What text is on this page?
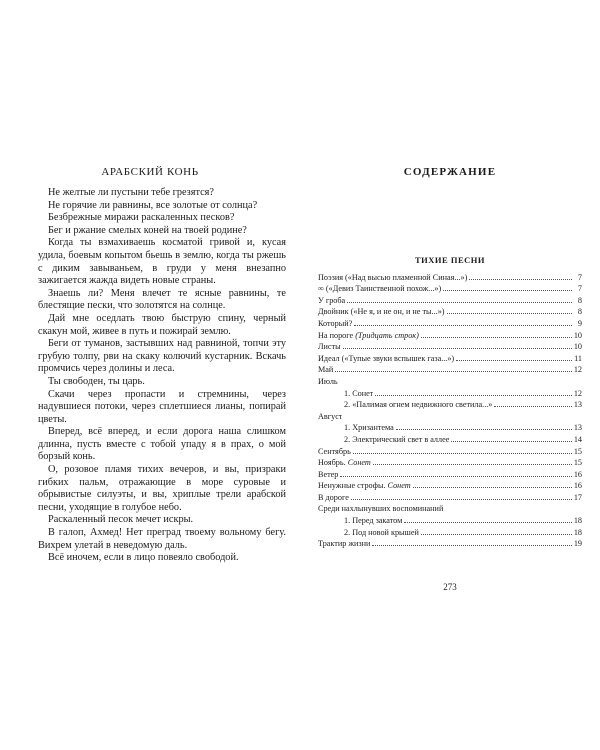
АРАБСКИЙ КОНЬ
Не желтые ли пустыни тебе грезятся?
Не горячие ли равнины, все золотые от солнца?
Безбрежные миражи раскаленных песков?
Бег и ржание смелых коней на твоей родине?
Когда ты взмахиваешь косматой гривой и, кусая удила, боевым копытом бьешь в землю, когда ты ржешь с диким завываньем, в груди у меня внезапно зажигается жажда видеть новые страны.
Знаешь ли? Меня влечет те ясные равнины, те блестящие пески, что золотятся на солнце.
Дай мне оседлать твою быструю спину, черный скакун мой, живее в путь и пожирай землю.
Беги от туманов, застывших над равниной, топчи эту грубую толпу, рви на скаку колючий кустарник. Вскачь промчись через долины и леса.
Ты свободен, ты царь.
Скачи через пропасти и стремнины, через надувшиеся потоки, через сплетшиеся лианы, попирай цветы.
Вперед, всё вперед, и если дорога наша слишком длинна, пусть вместе с тобой упаду я в прах, о мой борзый конь.
О, розовое пламя тихих вечеров, и вы, призраки гибких пальм, отражающие в море суровые и обрывистые силуэты, и вы, хриплые трели арабской песни, уходящие в голубое небо.
Раскаленный песок мечет искры.
В галоп, Ахмед! Нет преград твоему вольному бегу. Вихрем улетай в неведомую даль.
Всё иночем, если в лицо повеяло свободой.
СОДЕРЖАНИЕ
ТИХИЕ ПЕСНИ
Поэзия («Над высью пламенной Синая...»)	7
∞ («Девиз Таинственной похож...»)	7
У гроба	8
Двойник («Не я, и не он, и не ты...»)	8
Который?	9
На пороге (Тридцать строк)	10
Листы	10
Идеал («Тупые звуки вспышек газа...»)	11
Май	12
Июль
1. Сонет	12
2. «Палимая огнем недвижного светила...»	13
Август
1. Хризантема	13
2. Электрический свет в аллее	14
Сентябрь	15
Ноябрь. Сонет	15
Ветер	16
Ненужные строфы. Сонет	16
В дороге	17
Среди нахлынувших воспоминаний
1. Перед закатом	18
2. Под новой крышей	18
Трактир жизни	19
273
